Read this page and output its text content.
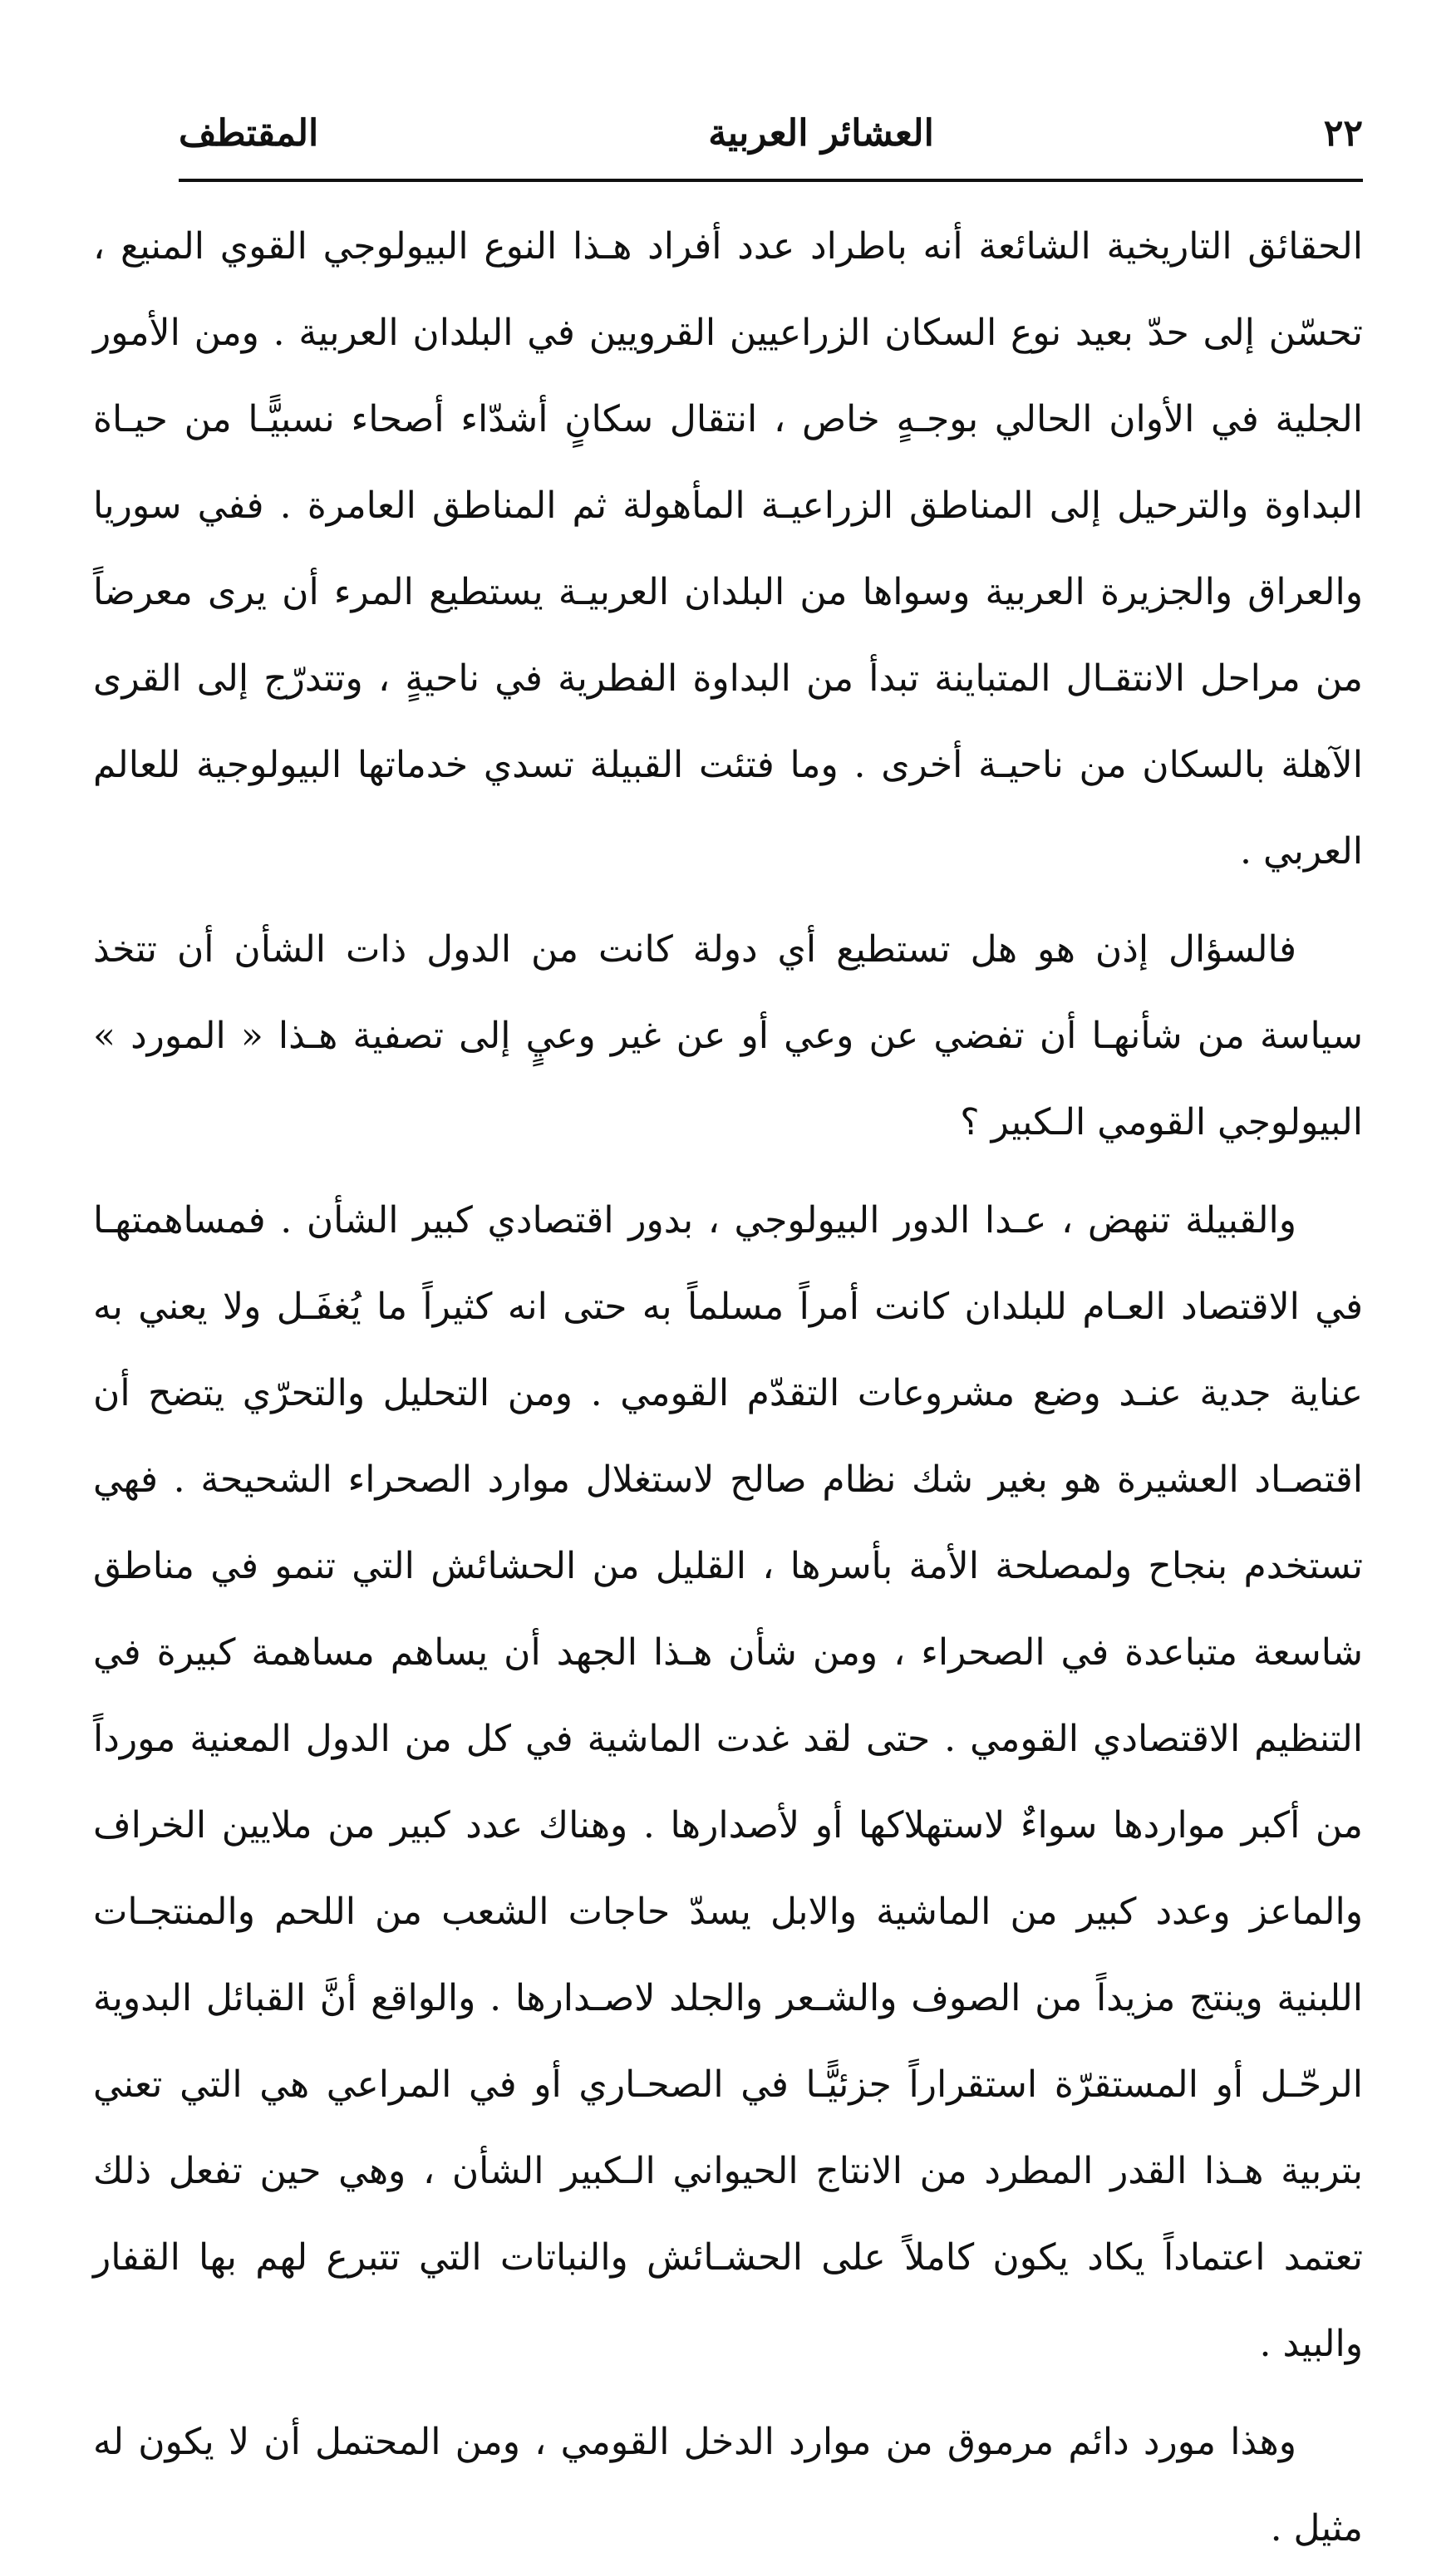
٢٢
العشائر العربية
المقتطف

الحقائق التاريخية الشائعة أنه باطراد عدد أفراد هـذا النوع البيولوجي القوي المنيع ، تحسّن إلى حدّ بعيد نوع السكان الزراعيين القرويين في البلدان العربية . ومن الأمور الجلية في الأوان الحالي بوجـهٍ خاص ، انتقال سكانٍ أشدّاء أصحاء نسبيًّـا من حيـاة البداوة والترحيل إلى المناطق الزراعيـة المأهولة ثم المناطق العامرة . ففي سوريا والعراق والجزيرة العربية وسواها من البلدان العربيـة يستطيع المرء أن يرى معرضاً من مراحل الانتقـال المتباينة تبدأ من البداوة الفطرية في ناحيةٍ ، وتتدرّج إلى القرى الآهلة بالسكان من ناحيـة أخرى . وما فتئت القبيلة تسدي خدماتها البيولوجية للعالم العربي .

فالسؤال إذن هو هل تستطيع أي دولة كانت من الدول ذات الشأن أن تتخذ سياسة من شأنهـا أن تفضي عن وعي أو عن غير وعيٍ إلى تصفية هـذا « المورد » البيولوجي القومي الـكبير ؟

والقبيلة تنهض ، عـدا الدور البيولوجي ، بدور اقتصادي كبير الشأن . فمساهمتهـا في الاقتصاد العـام للبلدان كانت أمراً مسلماً به حتى انه كثيراً ما يُغفَـل ولا يعني به عناية جدية عنـد وضع مشروعات التقدّم القومي . ومن التحليل والتحرّي يتضح أن اقتصـاد العشيرة هو بغير شك نظام صالح لاستغلال موارد الصحراء الشحيحة . فهي تستخدم بنجاح ولمصلحة الأمة بأسرها ، القليل من الحشائش التي تنمو في مناطق شاسعة متباعدة في الصحراء ، ومن شأن هـذا الجهد أن يساهم مساهمة كبيرة في التنظيم الاقتصادي القومي . حتى لقد غدت الماشية في كل من الدول المعنية مورداً من أكبر مواردها سواءٌ لاستهلاكها أو لأصدارها . وهناك عدد كبير من ملايين الخراف والماعز وعدد كبير من الماشية والابل يسدّ حاجات الشعب من اللحم والمنتجـات اللبنية وينتج مزيداً من الصوف والشـعر والجلد لاصـدارها . والواقع أنَّ القبائل البدوية الرحّـل أو المستقرّة استقراراً جزئيًّـا في الصحـاري أو في المراعي هي التي تعني بتربية هـذا القدر المطرد من الانتاج الحيواني الـكبير الشأن ، وهي حين تفعل ذلك تعتمد اعتماداً يكاد يكون كاملاً على الحشـائش والنباتات التي تتبرع لهم بها القفار والبيد .

وهذا مورد دائم مرموق من موارد الدخل القومي ، ومن المحتمل أن لا يكون له مثيل .
